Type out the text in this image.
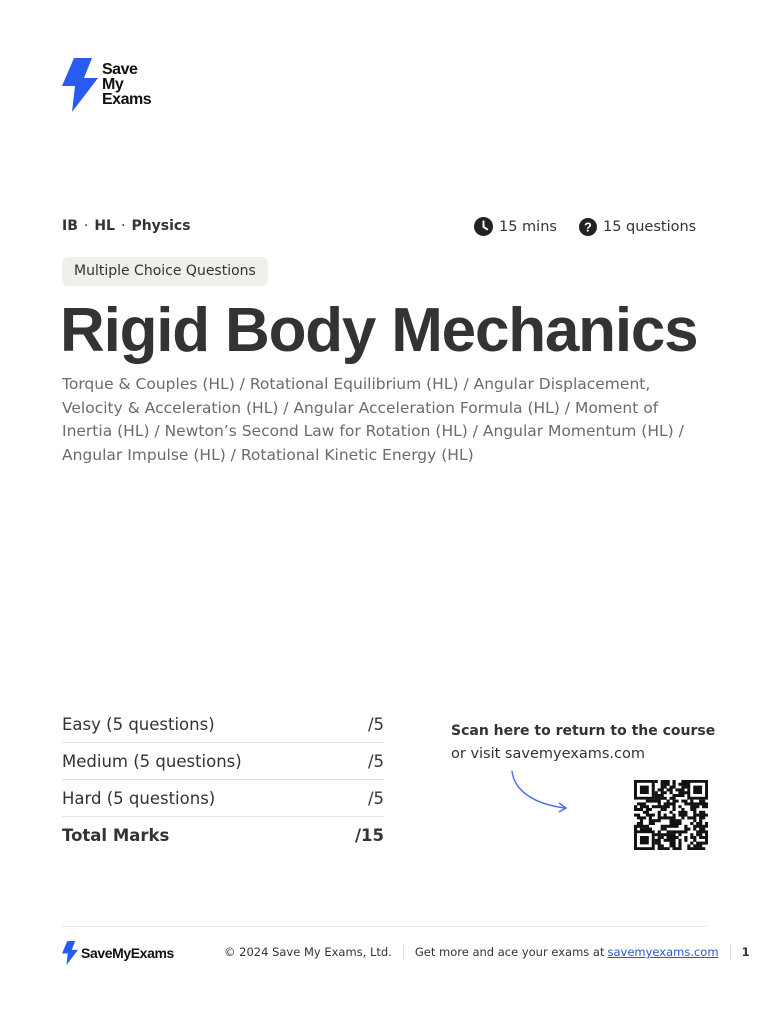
Save
My
Exams
IB · HL · Physics	15 mins ? 15 questions
Multiple Choice Questions
Rigid Body Mechanics
Torque & Couples (HL) / Rotational Equilibrium (HL) / Angular Displacement, Velocity & Acceleration (HL) / Angular Acceleration Formula (HL) / Moment of Inertia (HL) / Newton’s Second Law for Rotation (HL) / Angular Momentum (HL) / Angular Impulse (HL) / Rotational Kinetic Energy (HL)
Easy (5 questions)	/5
Medium (5 questions)	/5
Hard (5 questions)	/5
Total Marks	/15
Scan here to return to the course
or visit savemyexams.com
SaveMyExams	© 2024 Save My Exams, Ltd. Get more and ace your exams at savemyexams.com 1
